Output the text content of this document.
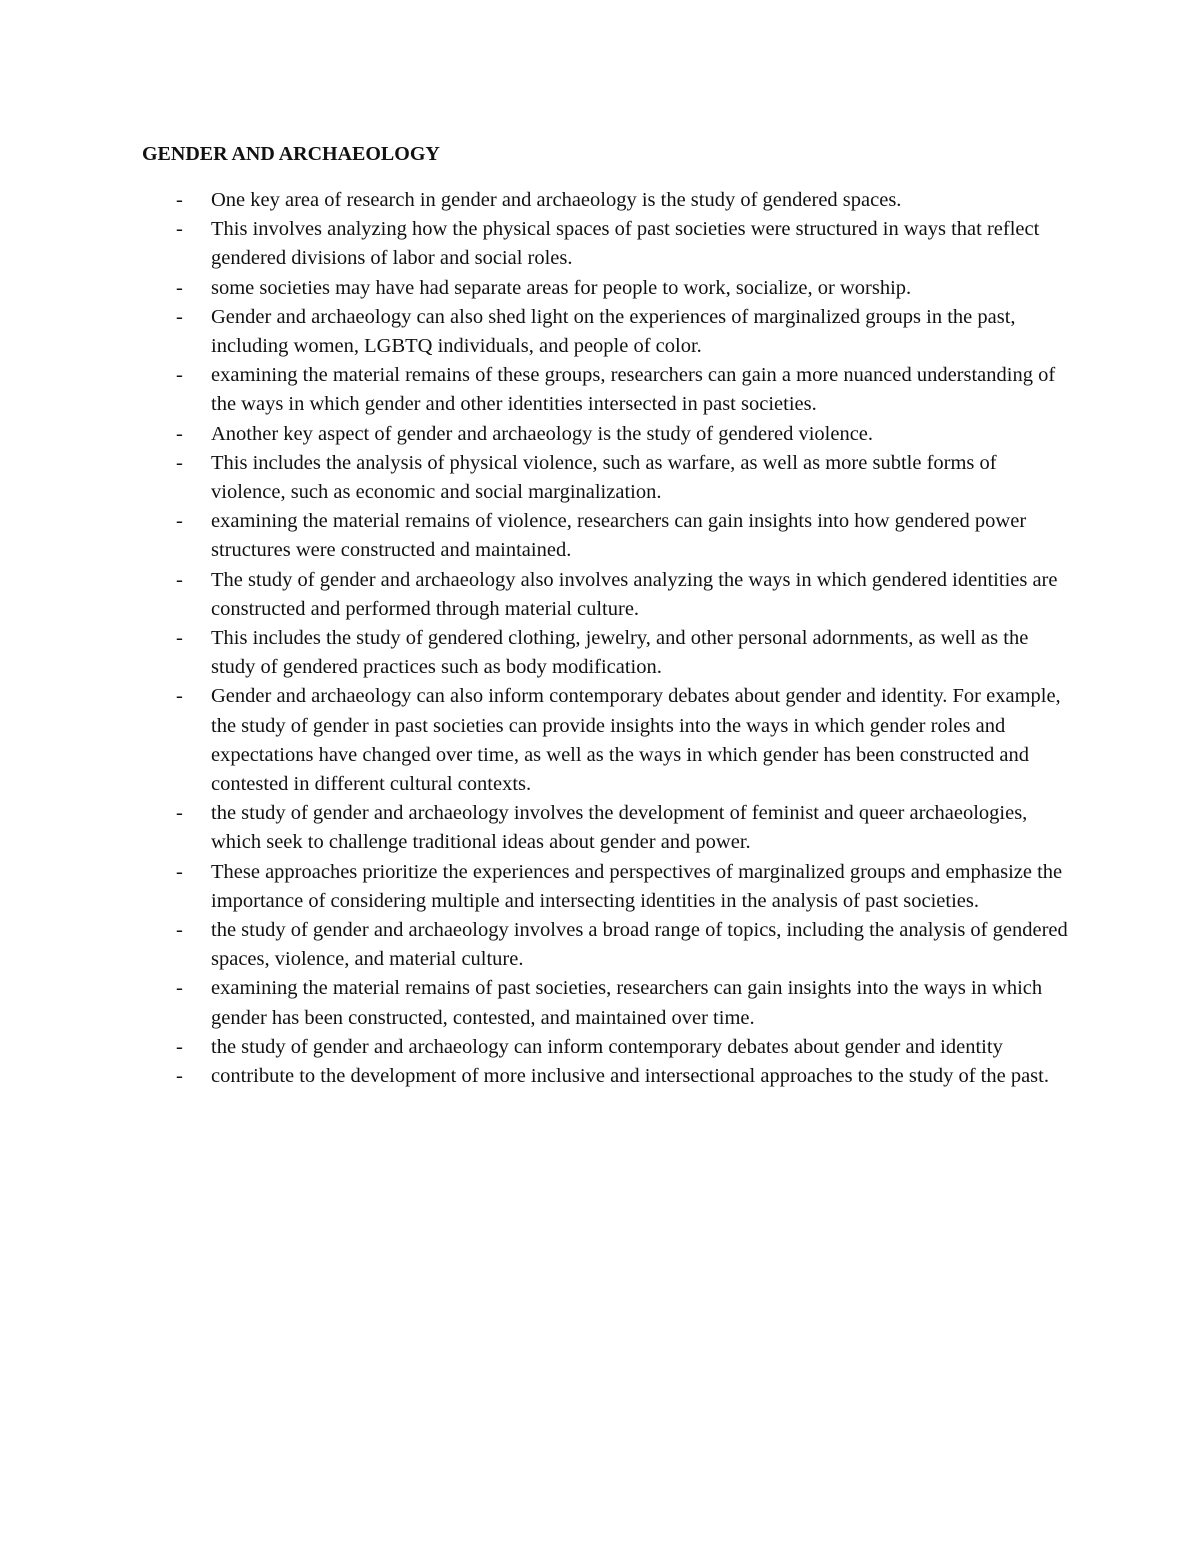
GENDER AND ARCHAEOLOGY
- One key area of research in gender and archaeology is the study of gendered spaces.
- This involves analyzing how the physical spaces of past societies were structured in ways that reflect gendered divisions of labor and social roles.
- some societies may have had separate areas for people to work, socialize, or worship.
- Gender and archaeology can also shed light on the experiences of marginalized groups in the past, including women, LGBTQ individuals, and people of color.
- examining the material remains of these groups, researchers can gain a more nuanced understanding of the ways in which gender and other identities intersected in past societies.
- Another key aspect of gender and archaeology is the study of gendered violence.
- This includes the analysis of physical violence, such as warfare, as well as more subtle forms of violence, such as economic and social marginalization.
- examining the material remains of violence, researchers can gain insights into how gendered power structures were constructed and maintained.
- The study of gender and archaeology also involves analyzing the ways in which gendered identities are constructed and performed through material culture.
- This includes the study of gendered clothing, jewelry, and other personal adornments, as well as the study of gendered practices such as body modification.
- Gender and archaeology can also inform contemporary debates about gender and identity. For example, the study of gender in past societies can provide insights into the ways in which gender roles and expectations have changed over time, as well as the ways in which gender has been constructed and contested in different cultural contexts.
- the study of gender and archaeology involves the development of feminist and queer archaeologies, which seek to challenge traditional ideas about gender and power.
- These approaches prioritize the experiences and perspectives of marginalized groups and emphasize the importance of considering multiple and intersecting identities in the analysis of past societies.
- the study of gender and archaeology involves a broad range of topics, including the analysis of gendered spaces, violence, and material culture.
- examining the material remains of past societies, researchers can gain insights into the ways in which gender has been constructed, contested, and maintained over time.
- the study of gender and archaeology can inform contemporary debates about gender and identity
- contribute to the development of more inclusive and intersectional approaches to the study of the past.
